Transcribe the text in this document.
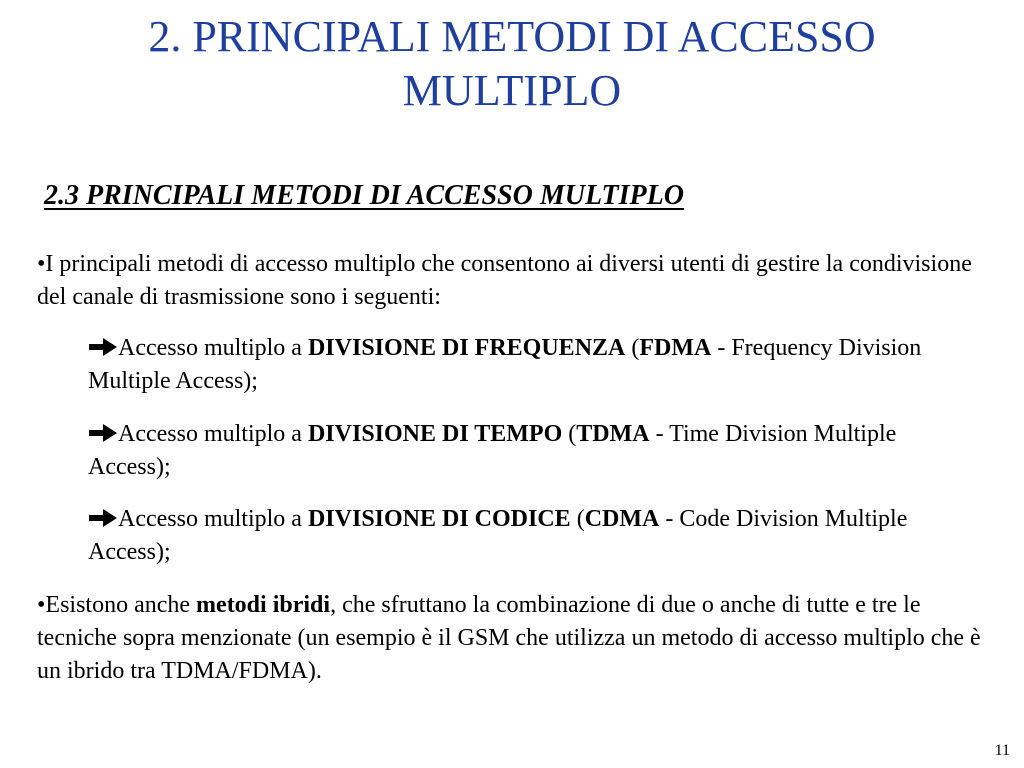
2. PRINCIPALI METODI DI ACCESSO
MULTIPLO
2.3 PRINCIPALI METODI DI ACCESSO MULTIPLO

•I principali metodi di accesso multiplo che consentono ai diversi utenti di gestire la condivisione del canale di trasmissione sono i seguenti:

Accesso multiplo a DIVISIONE DI FREQUENZA (FDMA - Frequency Division Multiple Access);

Accesso multiplo a DIVISIONE DI TEMPO (TDMA - Time Division Multiple Access);

Accesso multiplo a DIVISIONE DI CODICE (CDMA - Code Division Multiple Access);

•Esistono anche metodi ibridi, che sfruttano la combinazione di due o anche di tutte e tre le tecniche sopra menzionate (un esempio è il GSM che utilizza un metodo di accesso multiplo che è un ibrido tra TDMA/FDMA).

11
